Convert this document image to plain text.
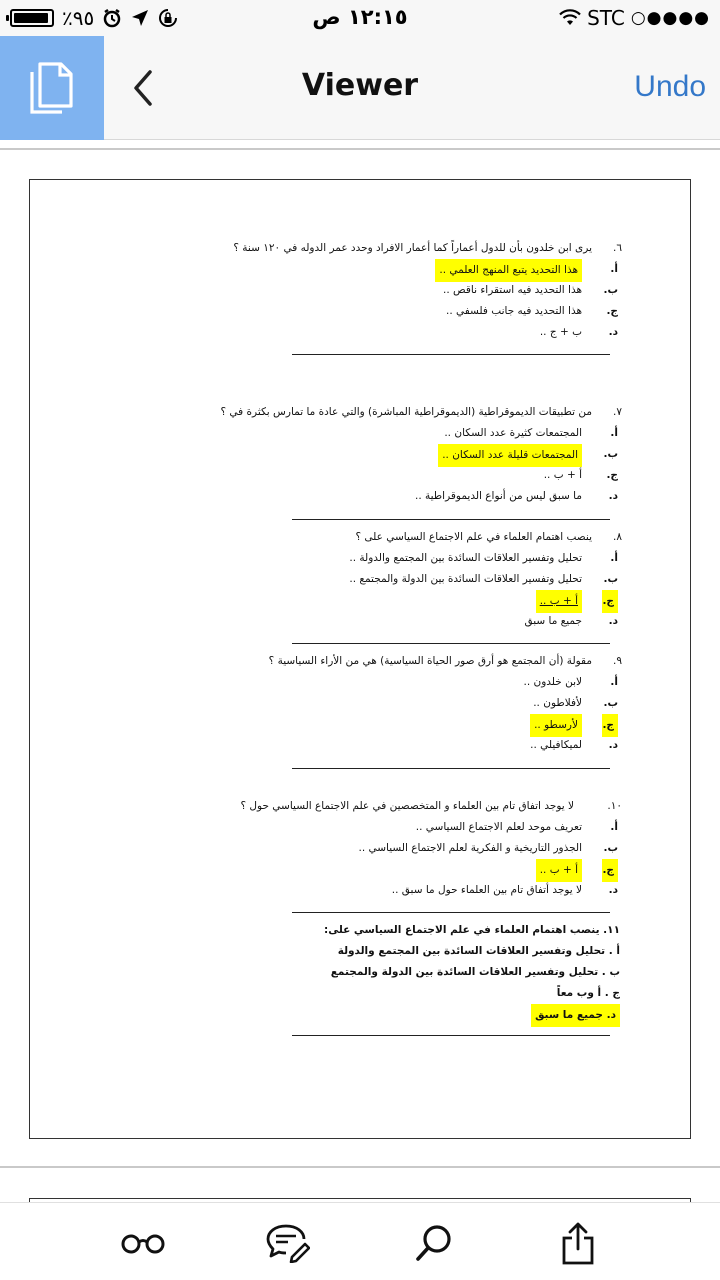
٪٩٥	١٢:١٥ ص	STC ○●●●●
Viewer	Undo
٦.
يرى ابن خلدون بأن للدول أعماراً كما أعمار الافراد وحدد عمر الدوله في ١٢٠ سنة ؟
أ.
هذا التحديد يتبع المنهج العلمي ..
ب.
هذا التحديد فيه استقراء ناقص ..
ج.
هذا التحديد فيه جانب فلسفي ..
د.
ب + ج ..
٧.
من تطبيقات الديموقراطية (الديموقراطية المباشرة) والتي عادة ما تمارس بكثرة في ؟
أ.
المجتمعات كثيرة عدد السكان ..
ب.
المجتمعات قليلة عدد السكان ..
ج.
أ + ب ..
د.
ما سبق ليس من أنواع الديموقراطية ..
٨.
ينصب اهتمام العلماء في علم الاجتماع السياسي على ؟
أ.
تحليل وتفسير العلاقات السائدة بين المجتمع والدولة ..
ب.
تحليل وتفسير العلاقات السائدة بين الدولة والمجتمع ..
ج.
أ + ب ..
د.
جميع ما سبق
٩.
مقولة (أن المجتمع هو أرق صور الحياة السياسية) هي من الأراء السياسية ؟
أ.
لابن خلدون ..
ب.
لأفلاطون ..
ج.
لأرسطو ..
د.
لميكافيلي ..
١٠.
لا يوجد اتفاق تام بين العلماء و المتخصصين في علم الاجتماع السياسي حول ؟
أ.
تعريف موحد لعلم الاجتماع السياسي ..
ب.
الجذور التاريخية و الفكرية لعلم الاجتماع السياسي ..
ج.
أ + ب ..
د.
لا يوجد أتفاق تام بين العلماء حول ما سبق ..
١١. ينصب اهتمام العلماء في علم الاجتماع السياسي على:
أ . تحليل وتفسير العلاقات السائدة بين المجتمع والدولة
ب . تحليل وتفسير العلاقات السائدة بين الدولة والمجتمع
ج . أ وب معاً
د. جميع ما سبق
